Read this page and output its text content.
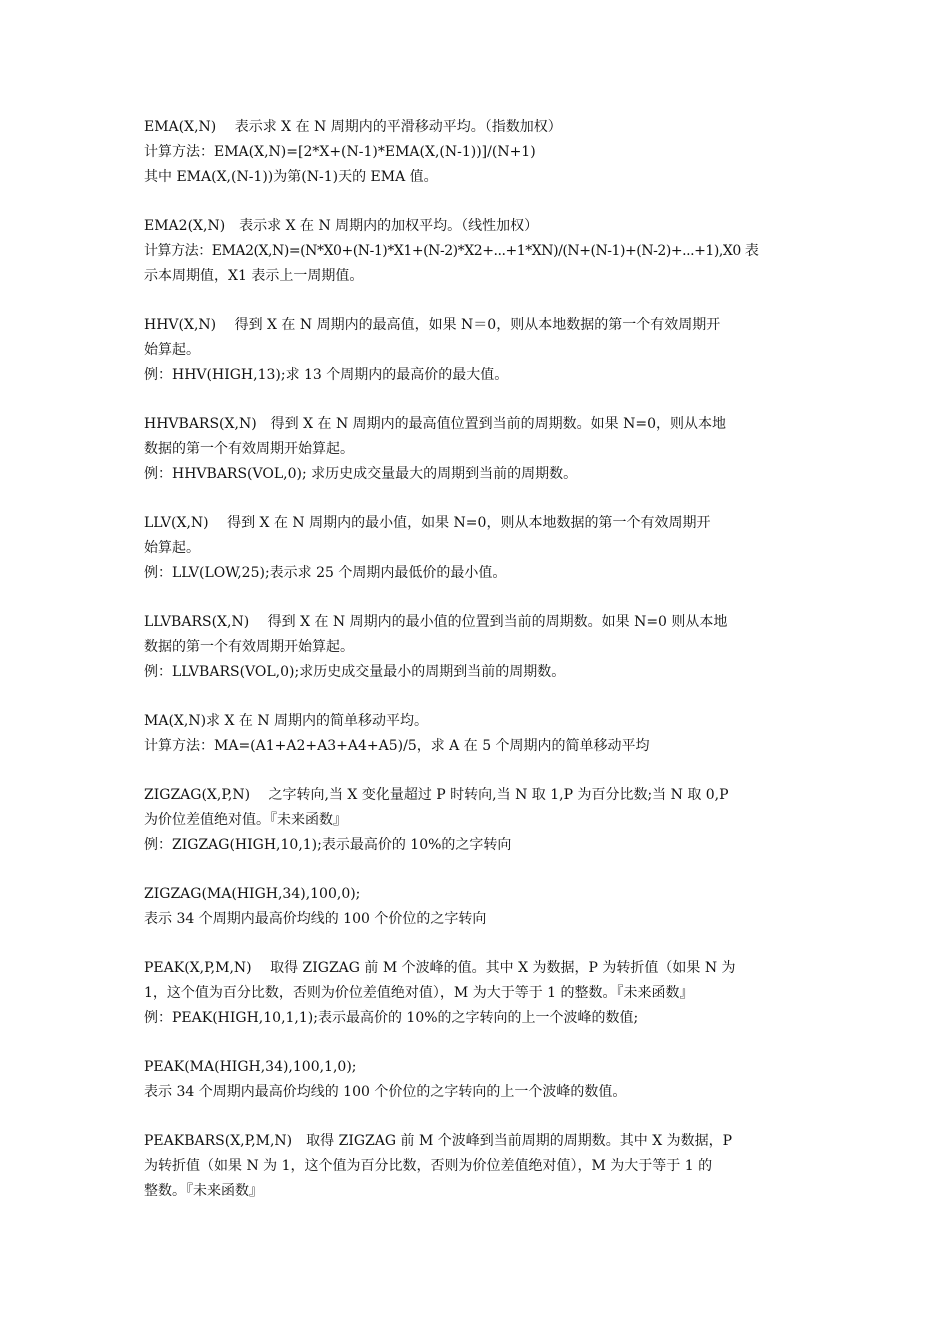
EMA(X,N)　 表示求 X 在 N 周期内的平滑移动平均。（指数加权）

计算方法：EMA(X,N)=[2*X+(N-1)*EMA(X,(N-1))]/(N+1)

其中 EMA(X,(N-1))为第(N-1)天的 EMA 值。

EMA2(X,N)　表示求 X 在 N 周期内的加权平均。（线性加权）

计算方法：EMA2(X,N)=(N*X0+(N-1)*X1+(N-2)*X2+...+1*XN)/(N+(N-1)+(N-2)+...+1),X0 表

示本周期值，X1 表示上一周期值。

HHV(X,N)　 得到 X 在 N 周期内的最高值，如果 N＝0，则从本地数据的第一个有效周期开

始算起。

例：HHV(HIGH,13);求 13 个周期内的最高价的最大值。

HHVBARS(X,N)　得到 X 在 N 周期内的最高值位置到当前的周期数。如果 N=0，则从本地

数据的第一个有效周期开始算起。

例：HHVBARS(VOL,0); 求历史成交量最大的周期到当前的周期数。

LLV(X,N)　 得到 X 在 N 周期内的最小值，如果 N=0，则从本地数据的第一个有效周期开

始算起。

例：LLV(LOW,25);表示求 25 个周期内最低价的最小值。

LLVBARS(X,N)　 得到 X 在 N 周期内的最小值的位置到当前的周期数。如果 N=0 则从本地

数据的第一个有效周期开始算起。

例：LLVBARS(VOL,0);求历史成交量最小的周期到当前的周期数。

MA(X,N)求 X 在 N 周期内的简单移动平均。

计算方法：MA=(A1+A2+A3+A4+A5)/5，求 A 在 5 个周期内的简单移动平均

ZIGZAG(X,P,N)　 之字转向,当 X 变化量超过 P 时转向,当 N 取 1,P 为百分比数;当 N 取 0,P

为价位差值绝对值。『未来函数』

例：ZIGZAG(HIGH,10,1);表示最高价的 10%的之字转向

ZIGZAG(MA(HIGH,34),100,0);

表示 34 个周期内最高价均线的 100 个价位的之字转向

PEAK(X,P,M,N)　 取得 ZIGZAG 前 M 个波峰的值。其中 X 为数据，P 为转折值（如果 N 为

1，这个值为百分比数，否则为价位差值绝对值），M 为大于等于 1 的整数。『未来函数』

例：PEAK(HIGH,10,1,1);表示最高价的 10%的之字转向的上一个波峰的数值;

PEAK(MA(HIGH,34),100,1,0);

表示 34 个周期内最高价均线的 100 个价位的之字转向的上一个波峰的数值。

PEAKBARS(X,P,M,N)　取得 ZIGZAG 前 M 个波峰到当前周期的周期数。其中 X 为数据，P

为转折值（如果 N 为 1，这个值为百分比数，否则为价位差值绝对值），M 为大于等于 1 的

整数。『未来函数』
